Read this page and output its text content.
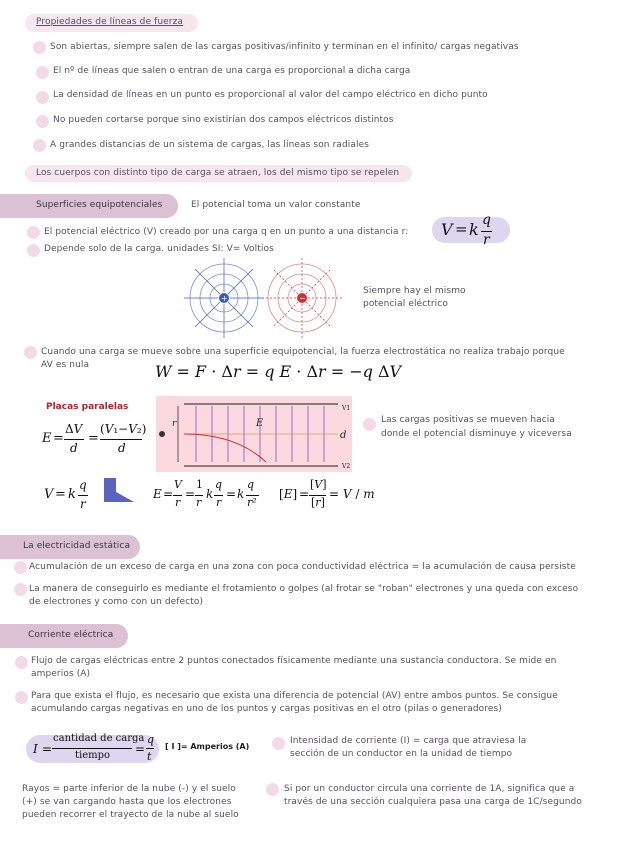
Propiedades de líneas de fuerza
Son abiertas, siempre salen de las cargas positivas/infinito y terminan en el infinito/ cargas negativas
El nº de líneas que salen o entran de una carga es proporcional a dicha carga
La densidad de líneas en un punto es proporcional al valor del campo eléctrico en dicho punto
No pueden cortarse porque sino existirían dos campos eléctricos distintos
A grandes distancias de un sistema de cargas, las líneas son radiales
Los cuerpos con distinto tipo de carga se atraen, los del mismo tipo se repelen
Superficies equipotenciales	El potencial toma un valor constante
El potencial eléctrico (V) creado por una carga q en un punto a una distancia r:
Depende solo de la carga. unidades SI: V= Voltios
V = k q
r
+	−
Siempre hay el mismo
potencial eléctrico
Cuando una carga se mueve sobre una superficie equipotencial, la fuerza electrostática no realiza trabajo porque
AV es nula	W = F · Δr = q E · Δr = −q ΔV
Placas paralelas
E =
ΔV
d
=
(V₁−V₂)
d
r	E
d
V1
V2
Las cargas positivas se mueven hacia
donde el potencial disminuye y viceversa
V = k
q
r
E =
V
r
=
1
r
k
q
r
= k
q
r²
[E] =
[V]
[r]
= V / m
La electricidad estática
Acumulación de un exceso de carga en una zona con poca conductividad eléctrica = la acumulación de causa persiste
La manera de conseguirlo es mediante el frotamiento o golpes (al frotar se "roban" electrones y una queda con exceso
de electrones y como con un defecto)
Corriente eléctrica
Flujo de cargas eléctricas entre 2 puntos conectados físicamente mediante una sustancia conductora. Se mide en
amperios (A)
Para que exista el flujo, es necesario que exista una diferencia de potencial (AV) entre ambos puntos. Se consigue
acumulando cargas negativas en uno de los puntos y cargas positivas en el otro (pilas o generadores)
I =
cantidad de carga
tiempo =
q
t
[ I ]= Amperios (A)
Intensidad de corriente (I) = carga que atraviesa la
sección de un conductor en la unidad de tiempo
Rayos = parte inferior de la nube (-) y el suelo
(+) se van cargando hasta que los electrones
pueden recorrer el trayecto de la nube al suelo
Si por un conductor circula una corriente de 1A, significa que a
través de una sección cualquiera pasa una carga de 1C/segundo
